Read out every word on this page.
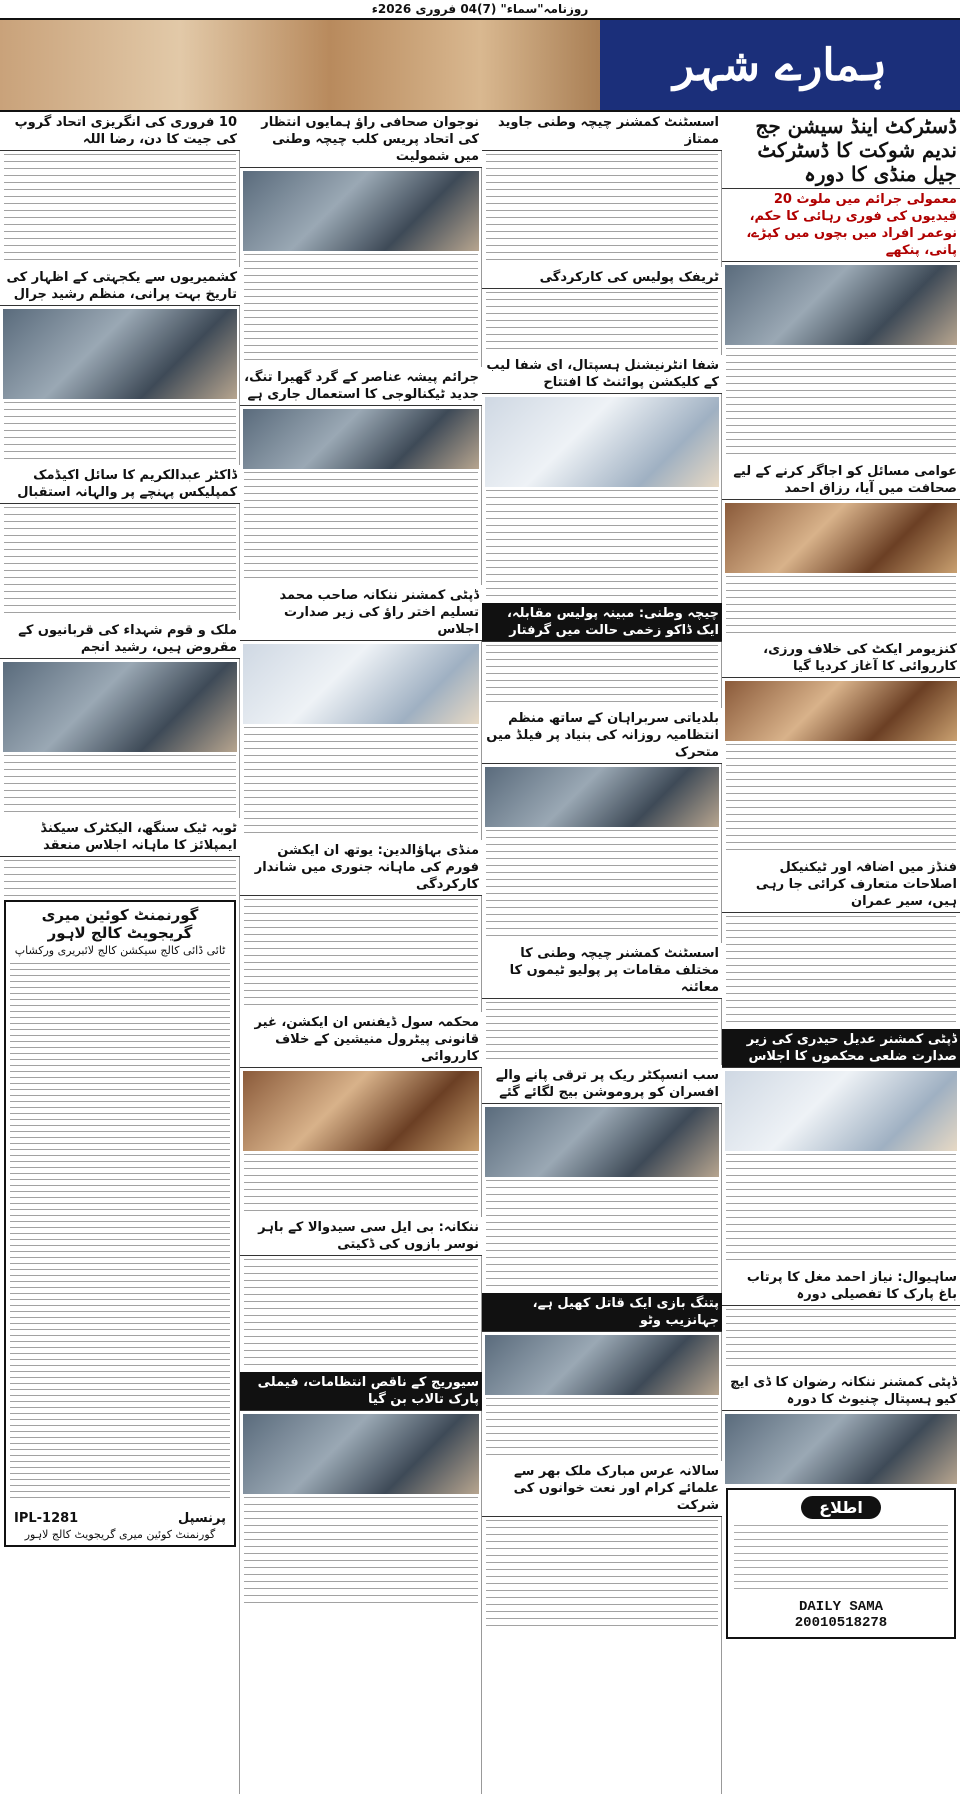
روزنامہ"سماء" (7)04 فروری 2026ء
ہمارے شہر
ڈسٹرکٹ اینڈ سیشن جج ندیم شوکت کا ڈسٹرکٹ جیل منڈی کا دورہ
معمولی جرائم میں ملوث 20 قیدیوں کی فوری رہائی کا حکم، نوعمر افراد میں بچوں میں کپڑے، پانی، پنکھے
عوامی مسائل کو اجاگر کرنے کے لیے صحافت میں آیا، رزاق احمد
کنزیومر ایکٹ کی خلاف ورزی، کارروائی کا آغاز کردیا گیا
فنڈز میں اضافہ اور ٹیکنیکل اصلاحات متعارف کرائی جا رہی ہیں، سیر عمران
ڈپٹی کمشنر عدیل حیدری کی زیر صدارت ضلعی محکموں کا اجلاس
ساہیوال: نیاز احمد مغل کا پرتاب باغ پارک کا تفصیلی دورہ
ڈپٹی کمشنر ننکانہ رضوان کا ڈی ایچ کیو ہسپتال چنیوٹ کا دورہ
اطلاع
DAILY SAMA
20010518278
اسسٹنٹ کمشنر چیچہ وطنی جاوید ممتاز
ٹریفک پولیس کی کارکردگی
شفا انٹرنیشنل ہسپتال، ای شفا لیب کے کلیکشن پوائنٹ کا افتتاح
چیچہ وطنی: مبینہ پولیس مقابلہ، ایک ڈاکو زخمی حالت میں گرفتار
بلدیاتی سربراہان کے ساتھ منظم انتظامیہ روزانہ کی بنیاد پر فیلڈ میں متحرک
اسسٹنٹ کمشنر چیچہ وطنی کا مختلف مقامات پر پولیو ٹیموں کا معائنہ
سب انسپکٹر ریک پر ترقی پانے والے افسران کو پروموشن بیج لگائے گئے
پتنگ بازی ایک قاتل کھیل ہے، جہانزیب وٹو
سالانہ عرس مبارک ملک بھر سے علمائے کرام اور نعت خوانوں کی شرکت
نوجوان صحافی راؤ ہمایوں انتظار کی اتحاد پریس کلب چیچہ وطنی میں شمولیت
جرائم پیشہ عناصر کے گرد گھیرا تنگ، جدید ٹیکنالوجی کا استعمال جاری ہے
ڈپٹی کمشنر ننکانہ صاحب محمد تسلیم اختر راؤ کی زیر صدارت اجلاس
منڈی بہاؤالدین: یوتھ ان ایکشن فورم کی ماہانہ جنوری میں شاندار کارکردگی
محکمہ سول ڈیفنس ان ایکشن، غیر قانونی پیٹرول منیشین کے خلاف کارروائی
ننکانہ: بی ایل سی سیدوالا کے باہر نوسر بازوں کی ڈکیتی
سیوریج کے ناقص انتظامات، فیملی پارک تالاب بن گیا
10 فروری کی انگریزی اتحاد گروپ کی جیت کا دن، رضا اللہ
کشمیریوں سے یکجہتی کے اظہار کی تاریخ بہت پرانی، منظم رشید جرال
ڈاکٹر عبدالکریم کا سائل اکیڈمک کمپلیکس پہنچے پر والہانہ استقبال
ملک و قوم شہداء کی قربانیوں کے مقروض ہیں، رشید انجم
ٹوبہ ٹیک سنگھ، الیکٹرک سیکنڈ ایمپلائز کا ماہانہ اجلاس منعقد
گورنمنٹ کوئین میری گریجویٹ کالج لاہور
ٹائی ڈائی کالج سیکشن کالج لائبریری ورکشاپ
پرنسپل
IPL-1281
گورنمنٹ کوئین میری گریجویٹ کالج لاہور
